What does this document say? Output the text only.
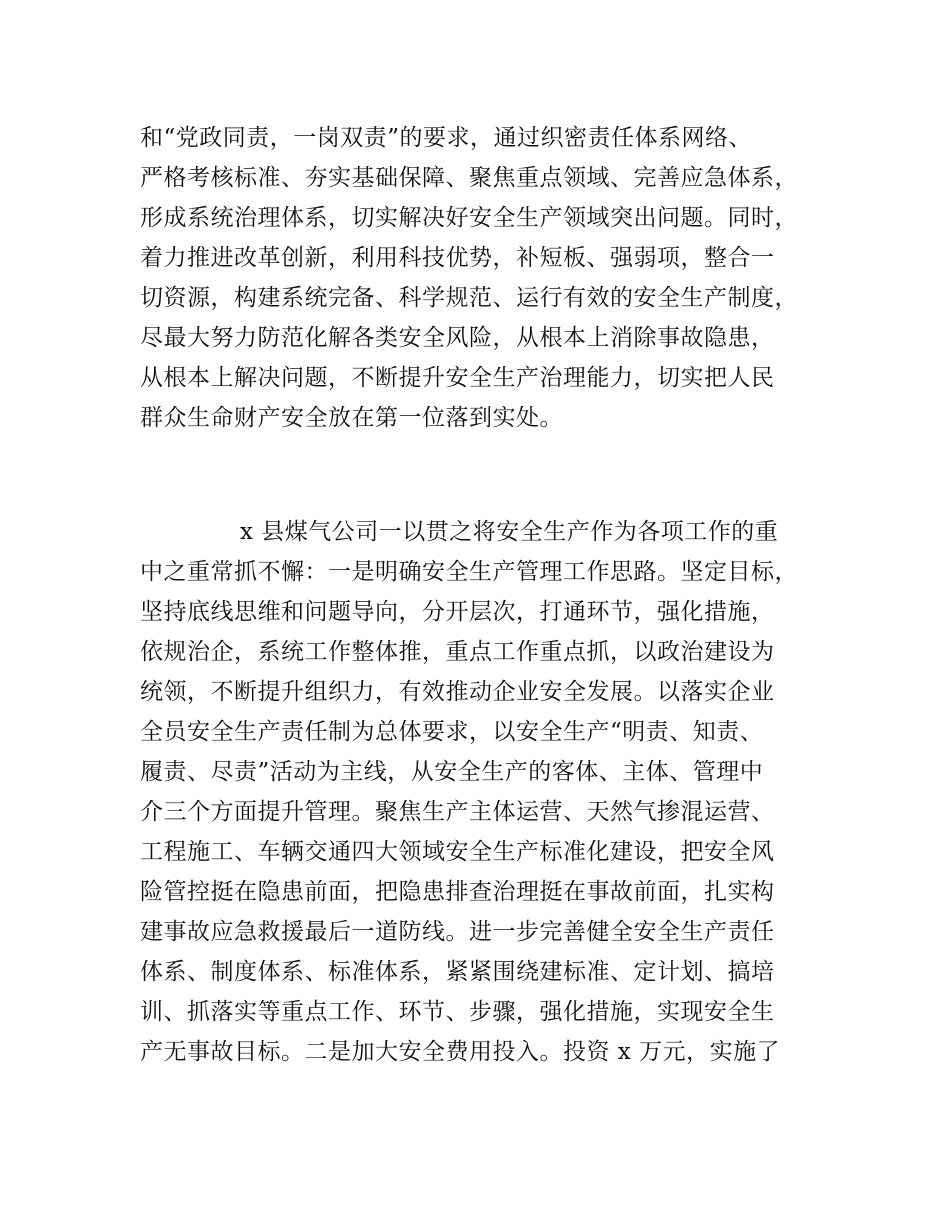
和“党政同责，一岗双责”的要求，通过织密责任体系网络、
严格考核标准、夯实基础保障、聚焦重点领域、完善应急体系，
形成系统治理体系，切实解决好安全生产领域突出问题。同时，
着力推进改革创新，利用科技优势，补短板、强弱项，整合一
切资源，构建系统完备、科学规范、运行有效的安全生产制度，
尽最大努力防范化解各类安全风险，从根本上消除事故隐患，
从根本上解决问题，不断提升安全生产治理能力，切实把人民
群众生命财产安全放在第一位落到实处。
x 县煤气公司一以贯之将安全生产作为各项工作的重
中之重常抓不懈：一是明确安全生产管理工作思路。坚定目标，
坚持底线思维和问题导向，分开层次，打通环节，强化措施，
依规治企，系统工作整体推，重点工作重点抓，以政治建设为
统领，不断提升组织力，有效推动企业安全发展。以落实企业
全员安全生产责任制为总体要求，以安全生产“明责、知责、
履责、尽责”活动为主线，从安全生产的客体、主体、管理中
介三个方面提升管理。聚焦生产主体运营、天然气掺混运营、
工程施工、车辆交通四大领域安全生产标准化建设，把安全风
险管控挺在隐患前面，把隐患排查治理挺在事故前面，扎实构
建事故应急救援最后一道防线。进一步完善健全安全生产责任
体系、制度体系、标准体系，紧紧围绕建标准、定计划、搞培
训、抓落实等重点工作、环节、步骤，强化措施，实现安全生
产无事故目标。二是加大安全费用投入。投资 x 万元，实施了
